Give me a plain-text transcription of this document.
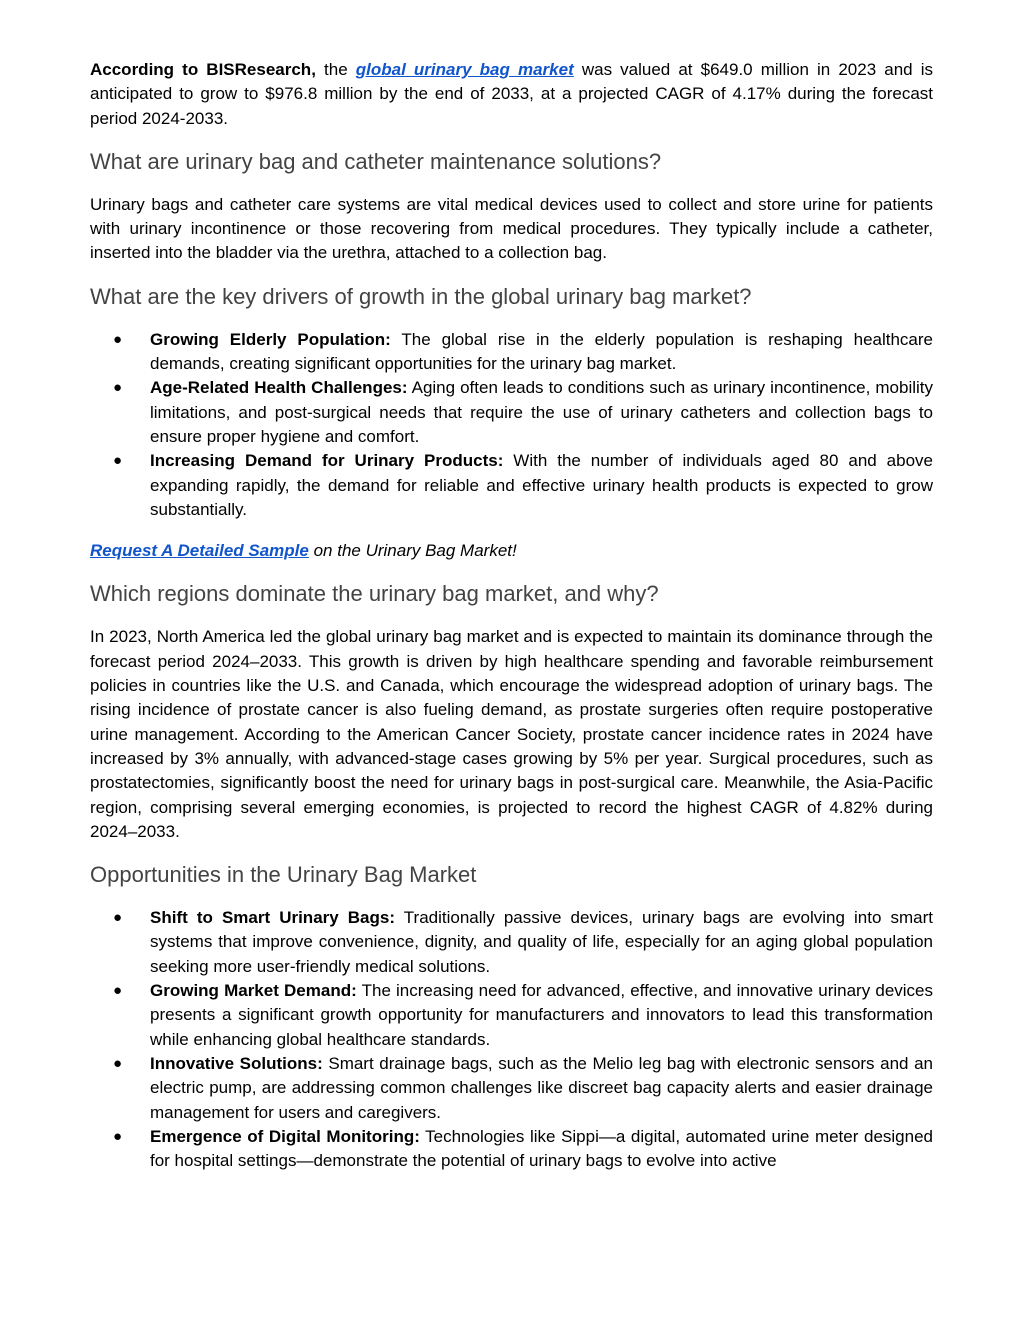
According to BISResearch, the global urinary bag market was valued at $649.0 million in 2023 and is anticipated to grow to $976.8 million by the end of 2033, at a projected CAGR of 4.17% during the forecast period 2024-2033.

What are urinary bag and catheter maintenance solutions?

Urinary bags and catheter care systems are vital medical devices used to collect and store urine for patients with urinary incontinence or those recovering from medical procedures. They typically include a catheter, inserted into the bladder via the urethra, attached to a collection bag.

What are the key drivers of growth in the global urinary bag market?
● Growing Elderly Population: The global rise in the elderly population is reshaping healthcare demands, creating significant opportunities for the urinary bag market.
● Age-Related Health Challenges: Aging often leads to conditions such as urinary incontinence, mobility limitations, and post-surgical needs that require the use of urinary catheters and collection bags to ensure proper hygiene and comfort.
● Increasing Demand for Urinary Products: With the number of individuals aged 80 and above expanding rapidly, the demand for reliable and effective urinary health products is expected to grow substantially.

Request A Detailed Sample on the Urinary Bag Market!

Which regions dominate the urinary bag market, and why?

In 2023, North America led the global urinary bag market and is expected to maintain its dominance through the forecast period 2024–2033. This growth is driven by high healthcare spending and favorable reimbursement policies in countries like the U.S. and Canada, which encourage the widespread adoption of urinary bags. The rising incidence of prostate cancer is also fueling demand, as prostate surgeries often require postoperative urine management. According to the American Cancer Society, prostate cancer incidence rates in 2024 have increased by 3% annually, with advanced-stage cases growing by 5% per year. Surgical procedures, such as prostatectomies, significantly boost the need for urinary bags in post-surgical care. Meanwhile, the Asia-Pacific region, comprising several emerging economies, is projected to record the highest CAGR of 4.82% during 2024–2033.

Opportunities in the Urinary Bag Market
● Shift to Smart Urinary Bags: Traditionally passive devices, urinary bags are evolving into smart systems that improve convenience, dignity, and quality of life, especially for an aging global population seeking more user-friendly medical solutions.
● Growing Market Demand: The increasing need for advanced, effective, and innovative urinary devices presents a significant growth opportunity for manufacturers and innovators to lead this transformation while enhancing global healthcare standards.
● Innovative Solutions: Smart drainage bags, such as the Melio leg bag with electronic sensors and an electric pump, are addressing common challenges like discreet bag capacity alerts and easier drainage management for users and caregivers.
● Emergence of Digital Monitoring: Technologies like Sippi—a digital, automated urine meter designed for hospital settings—demonstrate the potential of urinary bags to evolve into active
